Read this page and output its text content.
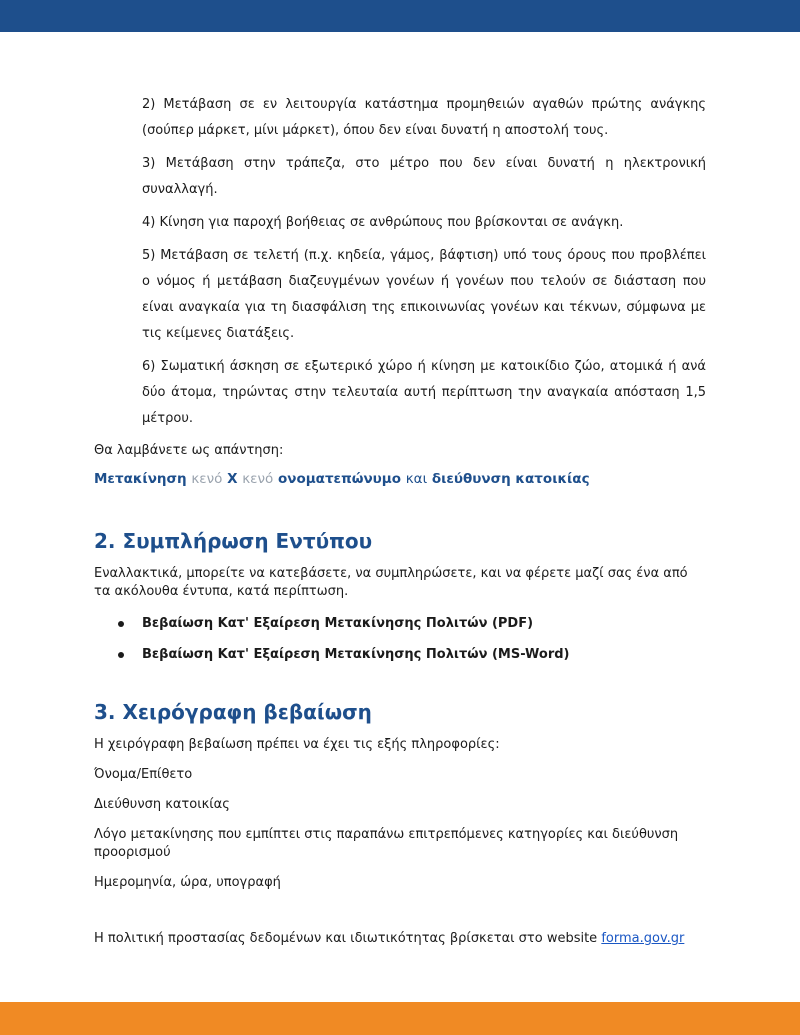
2) Μετάβαση σε εν λειτουργία κατάστημα προμηθειών αγαθών πρώτης ανάγκης (σούπερ μάρκετ, μίνι μάρκετ), όπου δεν είναι δυνατή η αποστολή τους.

3) Μετάβαση στην τράπεζα, στο μέτρο που δεν είναι δυνατή η ηλεκτρονική συναλλαγή.

4) Κίνηση για παροχή βοήθειας σε ανθρώπους που βρίσκονται σε ανάγκη.

5) Μετάβαση σε τελετή (π.χ. κηδεία, γάμος, βάφτιση) υπό τους όρους που προβλέπει ο νόμος ή μετάβαση διαζευγμένων γονέων ή γονέων που τελούν σε διάσταση που είναι αναγκαία για τη διασφάλιση της επικοινωνίας γονέων και τέκνων, σύμφωνα με τις κείμενες διατάξεις.

6) Σωματική άσκηση σε εξωτερικό χώρο ή κίνηση με κατοικίδιο ζώο, ατομικά ή ανά δύο άτομα, τηρώντας στην τελευταία αυτή περίπτωση την αναγκαία απόσταση 1,5 μέτρου.

Θα λαμβάνετε ως απάντηση:

Μετακίνηση κενό Χ κενό ονοματεπώνυμο και διεύθυνση κατοικίας
2. Συμπλήρωση Εντύπου

Εναλλακτικά, μπορείτε να κατεβάσετε, να συμπληρώσετε, και να φέρετε μαζί σας ένα από τα ακόλουθα έντυπα, κατά περίπτωση.

Βεβαίωση Κατ' Εξαίρεση Μετακίνησης Πολιτών (PDF)
Βεβαίωση Κατ' Εξαίρεση Μετακίνησης Πολιτών (MS-Word)
3. Χειρόγραφη βεβαίωση

Η χειρόγραφη βεβαίωση πρέπει να έχει τις εξής πληροφορίες:

Όνομα/Επίθετο

Διεύθυνση κατοικίας

Λόγο μετακίνησης που εμπίπτει στις παραπάνω επιτρεπόμενες κατηγορίες και διεύθυνση προορισμού

Ημερομηνία, ώρα, υπογραφή

Η πολιτική προστασίας δεδομένων και ιδιωτικότητας βρίσκεται στο website forma.gov.gr
